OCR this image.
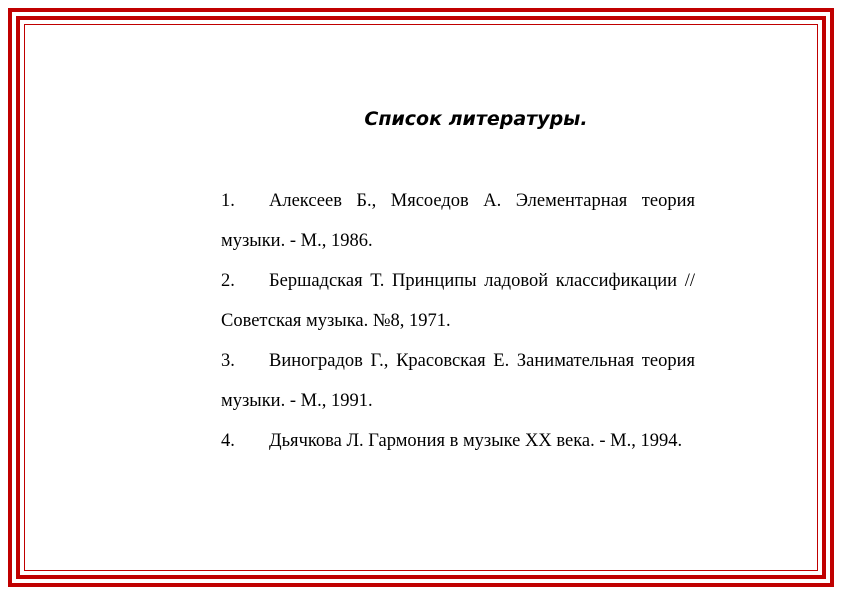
Список литературы.
1. Алексеев Б., Мясоедов А. Элементарная теория музыки. - М., 1986.
2. Бершадская Т. Принципы ладовой классификации // Советская музыка. №8, 1971.
3. Виноградов Г., Красовская Е. Занимательная теория музыки. - М., 1991.
4. Дьячкова Л. Гармония в музыке XX века. - М., 1994.
